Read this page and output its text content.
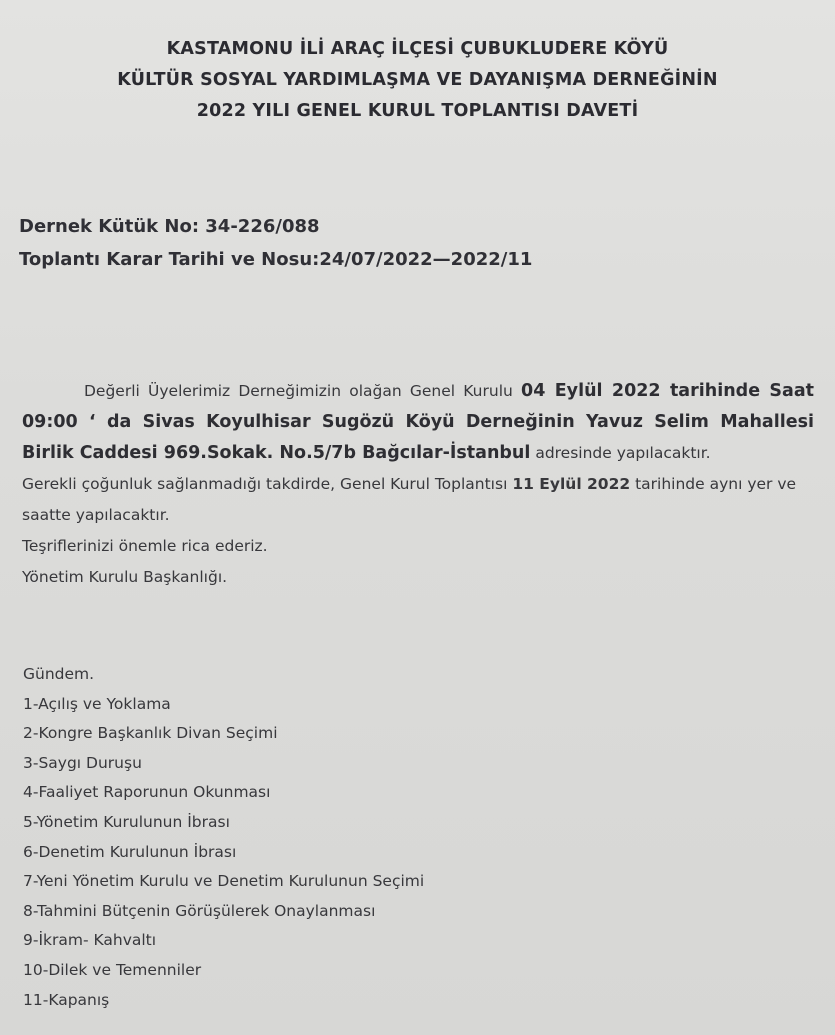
KASTAMONU İLİ ARAÇ İLÇESİ ÇUBUKLUDERE KÖYÜ
KÜLTÜR SOSYAL YARDIMLAŞMA VE DAYANIŞMA DERNEĞİNİN
2022 YILI GENEL KURUL TOPLANTISI DAVETİ
Dernek Kütük No: 34-226/088
Toplantı Karar Tarihi ve Nosu:24/07/2022—2022/11

Değerli Üyelerimiz Derneğimizin olağan Genel Kurulu 04 Eylül 2022 tarihinde Saat 09:00 ‘ da Sivas Koyulhisar Sugözü Köyü Derneğinin Yavuz Selim Mahallesi Birlik Caddesi 969.Sokak. No.5/7b Bağcılar-İstanbul adresinde yapılacaktır.

Gerekli çoğunluk sağlanmadığı takdirde, Genel Kurul Toplantısı 11 Eylül 2022 tarihinde aynı yer ve saatte yapılacaktır.
Teşriflerinizi önemle rica ederiz.
Yönetim Kurulu Başkanlığı.
Gündem.
1-Açılış ve Yoklama
2-Kongre Başkanlık Divan Seçimi
3-Saygı Duruşu
4-Faaliyet Raporunun Okunması
5-Yönetim Kurulunun İbrası
6-Denetim Kurulunun İbrası
7-Yeni Yönetim Kurulu ve Denetim Kurulunun Seçimi
8-Tahmini Bütçenin Görüşülerek Onaylanması
9-İkram- Kahvaltı
10-Dilek ve Temenniler
11-Kapanış
